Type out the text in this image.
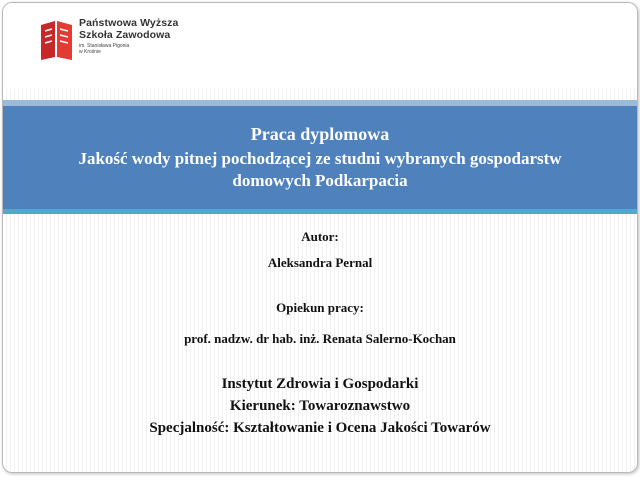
Państwowa Wyższa
Szkoła Zawodowa
im. Stanisława Pigonia
w Krośnie
Praca dyplomowa
Jakość wody pitnej pochodzącej ze studni wybranych gospodarstw
domowych Podkarpacia
Autor:
Aleksandra Pernal
Opiekun pracy:
prof. nadzw. dr hab. inż. Renata Salerno-Kochan
Instytut Zdrowia i Gospodarki
Kierunek: Towaroznawstwo
Specjalność: Kształtowanie i Ocena Jakości Towarów
